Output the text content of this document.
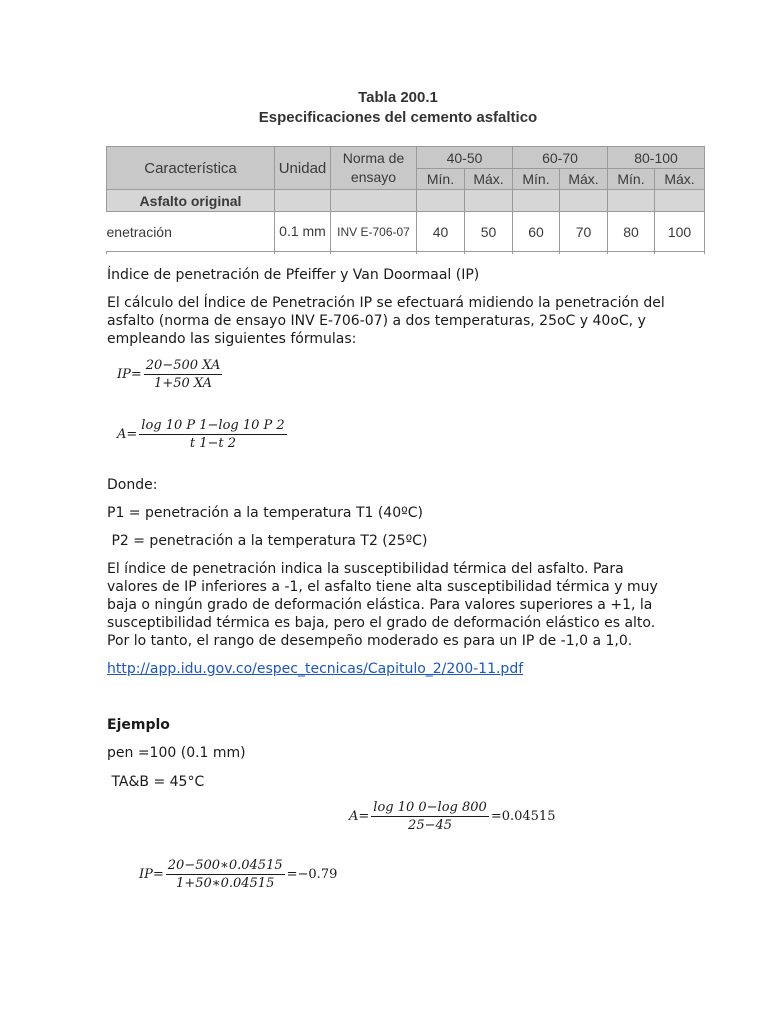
Tabla 200.1
Especificaciones del cemento asfaltico
Característica	Unidad	Norma de ensayo	40-50		60-70		80-100	
			Mín.	Máx.	Mín.	Máx.	Mín.	Máx.
Asfalto original								
enetración	0.1 mm	INV E-706-07	40	50	60	70	80	100

Índice de penetración de Pfeiffer y Van Doormaal (IP)
El cálculo del Índice de Penetración IP se efectuará midiendo la penetración del
asfalto (norma de ensayo INV E-706-07) a dos temperaturas, 25oC y 40oC, y
empleando las siguientes fórmulas:
$IP= \frac{20-500 XA}{1+50 XA}$
$A= \frac{\log 10 P 1-\log 10 P 2}{t 1-t 2}$
Donde:
P1 = penetración a la temperatura T1 (40ºC)
P2 = penetración a la temperatura T2 (25ºC)
El índice de penetración indica la susceptibilidad térmica del asfalto. Para
valores de IP inferiores a -1, el asfalto tiene alta susceptibilidad térmica y muy
baja o ningún grado de deformación elástica. Para valores superiores a +1, la
susceptibilidad térmica es baja, pero el grado de deformación elástico es alto.
Por lo tanto, el rango de desempeño moderado es para un IP de -1,0 a 1,0.
http://app.idu.gov.co/espec_tecnicas/Capitulo_2/200-11.pdf
Ejemplo
pen =100 (0.1 mm)
TA&B = 45°C
$A= \frac{\log 10 0-\log 800}{25-45} =0.04515$
$IP= \frac{20-500∗0.04515}{1+50∗0.04515} =-0.79$
